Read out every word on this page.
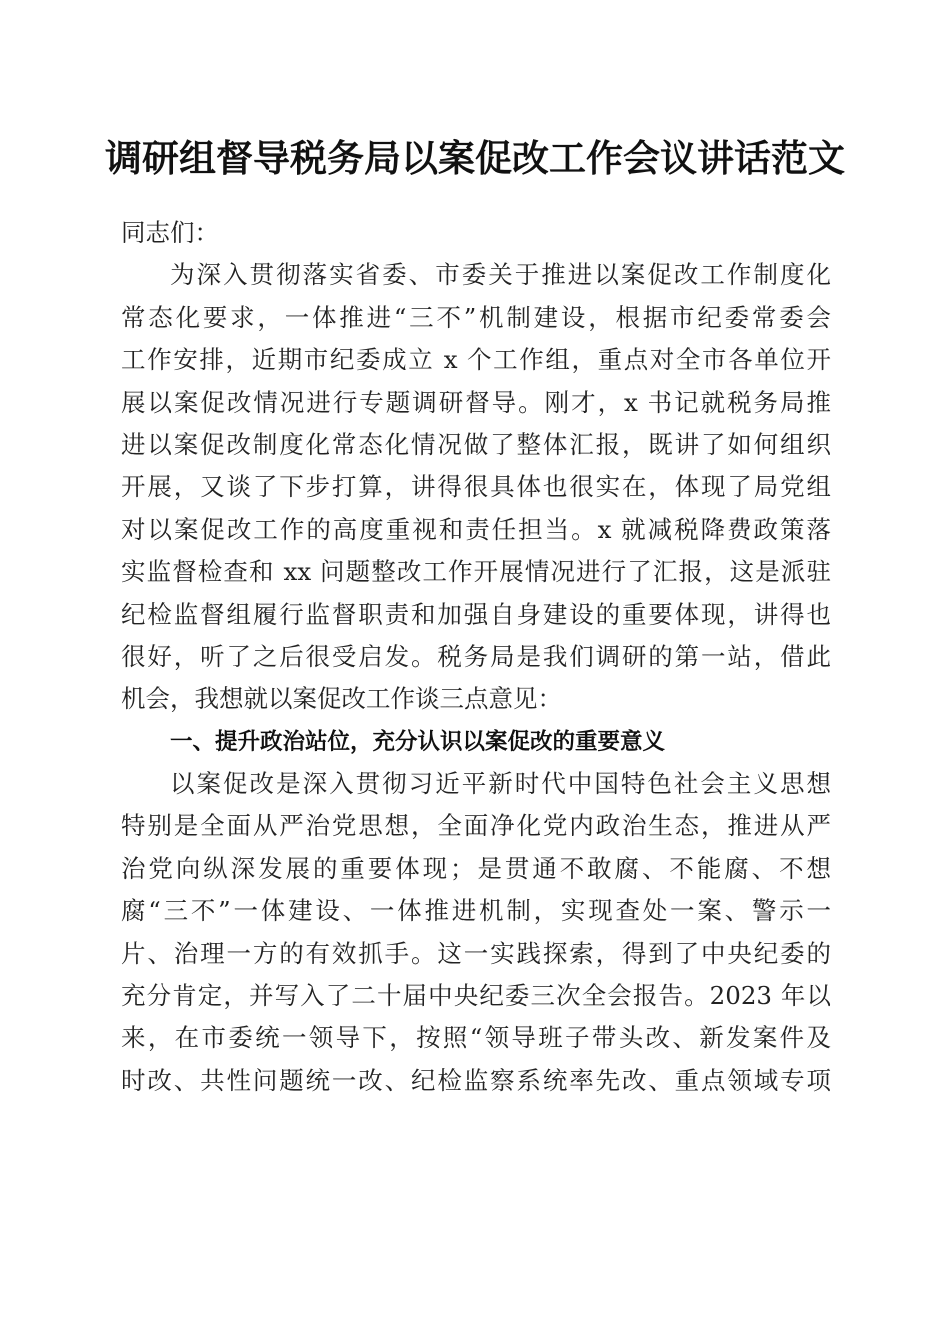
调研组督导税务局以案促改工作会议讲话范文
同志们：
为深入贯彻落实省委、市委关于推进以案促改工作制度化
常态化要求，一体推进“三不”机制建设，根据市纪委常委会
工作安排，近期市纪委成立 x 个工作组，重点对全市各单位开
展以案促改情况进行专题调研督导。刚才，x 书记就税务局推
进以案促改制度化常态化情况做了整体汇报，既讲了如何组织
开展，又谈了下步打算，讲得很具体也很实在，体现了局党组
对以案促改工作的高度重视和责任担当。x 就减税降费政策落
实监督检查和 xx 问题整改工作开展情况进行了汇报，这是派驻
纪检监督组履行监督职责和加强自身建设的重要体现，讲得也
很好，听了之后很受启发。税务局是我们调研的第一站，借此
机会，我想就以案促改工作谈三点意见：
一、提升政治站位，充分认识以案促改的重要意义
以案促改是深入贯彻习近平新时代中国特色社会主义思想
特别是全面从严治党思想，全面净化党内政治生态，推进从严
治党向纵深发展的重要体现；是贯通不敢腐、不能腐、不想
腐“三不”一体建设、一体推进机制，实现查处一案、警示一
片、治理一方的有效抓手。这一实践探索，得到了中央纪委的
充分肯定，并写入了二十届中央纪委三次全会报告。2023 年以
来，在市委统一领导下，按照“领导班子带头改、新发案件及
时改、共性问题统一改、纪检监察系统率先改、重点领域专项
